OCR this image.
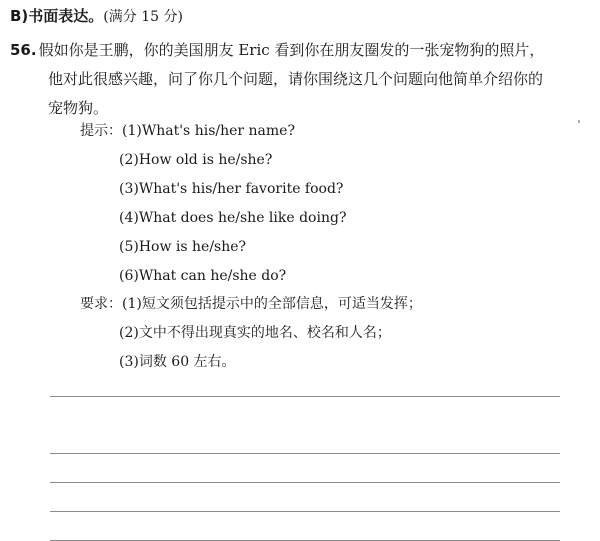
B)书面表达。(满分 15 分)
56. 假如你是王鹏，你的美国朋友 Eric 看到你在朋友圈发的一张宠物狗的照片，
他对此很感兴趣，问了你几个问题，请你围绕这几个问题向他简单介绍你的
宠物狗。
提示：(1)What's his/her name?
(2)How old is he/she?
(3)What's his/her favorite food?
(4)What does he/she like doing?
(5)How is he/she?
(6)What can he/she do?
要求：(1)短文须包括提示中的全部信息，可适当发挥；
(2)文中不得出现真实的地名、校名和人名；
(3)词数 60 左右。
